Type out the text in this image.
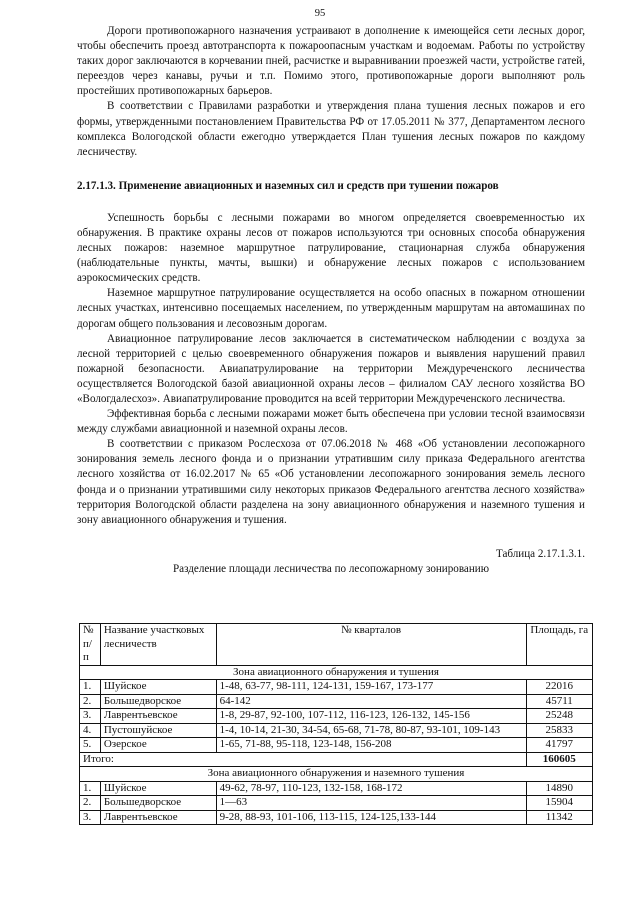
95

Дороги противопожарного назначения устраивают в дополнение к имеющейся сети лесных дорог, чтобы обеспечить проезд автотранспорта к пожароопасным участкам и водоемам. Работы по устройству таких дорог заключаются в корчевании пней, расчистке и выравнивании проезжей части, устройстве гатей, переездов через канавы, ручьи и т.п. Помимо этого, противопожарные дороги выполняют роль простейших противопожарных барьеров.

В соответствии с Правилами разработки и утверждения плана тушения лесных пожаров и его формы, утвержденными постановлением Правительства РФ от 17.05.2011 № 377, Департаментом лесного комплекса Вологодской области ежегодно утверждается План тушения лесных пожаров по каждому лесничеству.

2.17.1.3. Применение авиационных и наземных сил и средств при тушении пожаров

Успешность борьбы с лесными пожарами во многом определяется своевременностью их обнаружения. В практике охраны лесов от пожаров используются три основных способа обнаружения лесных пожаров: наземное маршрутное патрулирование, стационарная служба обнаружения (наблюдательные пункты, мачты, вышки) и обнаружение лесных пожаров с использованием аэрокосмических средств.

Наземное маршрутное патрулирование осуществляется на особо опасных в пожарном отношении лесных участках, интенсивно посещаемых населением, по утвержденным маршрутам на автомашинах по дорогам общего пользования и лесовозным дорогам.

Авиационное патрулирование лесов заключается в систематическом наблюдении с воздуха за лесной территорией с целью своевременного обнаружения пожаров и выявления нарушений правил пожарной безопасности. Авиапатрулирование на территории Междуреченского лесничества осуществляется Вологодской базой авиационной охраны лесов – филиалом САУ лесного хозяйства ВО «Вологдалесхоз». Авиапатрулирование проводится на всей территории Междуреченского лесничества.

Эффективная борьба с лесными пожарами может быть обеспечена при условии тесной взаимосвязи между службами авиационной и наземной охраны лесов.

В соответствии с приказом Рослесхоза от 07.06.2018 № 468 «Об установлении лесопожарного зонирования земель лесного фонда и о признании утратившим силу приказа Федерального агентства лесного хозяйства от 16.02.2017 № 65 «Об установлении лесопожарного зонирования земель лесного фонда и о признании утратившими силу некоторых приказов Федерального агентства лесного хозяйства» территория Вологодской области разделена на зону авиационного обнаружения и наземного тушения и зону авиационного обнаружения и тушения.

Таблица 2.17.1.3.1.
Разделение площади лесничества по лесопожарному зонированию
№ п/п	Название участковых лесничеств	№ кварталов	Площадь, га
Зона авиационного обнаружения и тушения			
1.	Шуйское	1-48, 63-77, 98-111, 124-131, 159-167, 173-177	22016
2.	Большедворское	64-142	45711
3.	Лаврентьевское	1-8, 29-87, 92-100, 107-112, 116-123, 126-132, 145-156	25248
4.	Пустошуйское	1-4, 10-14, 21-30, 34-54, 65-68, 71-78, 80-87, 93-101, 109-143	25833
5.	Озерское	1-65, 71-88, 95-118, 123-148, 156-208	41797
Итого:			160605
Зона авиационного обнаружения и наземного тушения			
1.	Шуйское	49-62, 78-97, 110-123, 132-158, 168-172	14890
2.	Большедворское	1—63	15904
3.	Лаврентьевское	9-28, 88-93, 101-106, 113-115, 124-125,133-144	11342
